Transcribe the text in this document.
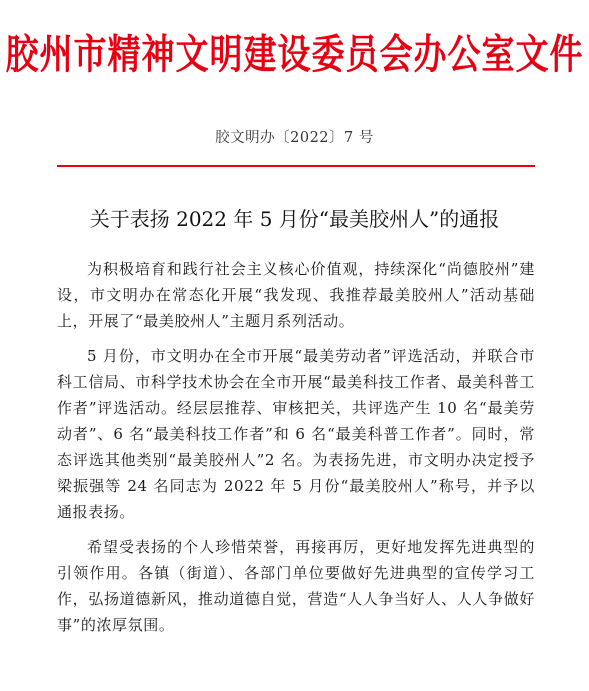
胶州市精神文明建设委员会办公室文件
胶文明办〔2022〕7 号
关于表扬 2022 年 5 月份“最美胶州人”的通报

为积极培育和践行社会主义核心价值观，持续深化“尚德胶州”建设，市文明办在常态化开展“我发现、我推荐最美胶州人”活动基础上，开展了“最美胶州人”主题月系列活动。

5 月份，市文明办在全市开展“最美劳动者”评选活动，并联合市科工信局、市科学技术协会在全市开展“最美科技工作者、最美科普工作者”评选活动。经层层推荐、审核把关，共评选产生 10 名“最美劳动者”、6 名“最美科技工作者”和 6 名“最美科普工作者”。同时，常态评选其他类别“最美胶州人”2 名。为表扬先进，市文明办决定授予梁振强等 24 名同志为 2022 年 5 月份“最美胶州人”称号，并予以通报表扬。

希望受表扬的个人珍惜荣誉，再接再厉，更好地发挥先进典型的引领作用。各镇（街道）、各部门单位要做好先进典型的宣传学习工作，弘扬道德新风，推动道德自觉，营造“人人争当好人、人人争做好事”的浓厚氛围。
